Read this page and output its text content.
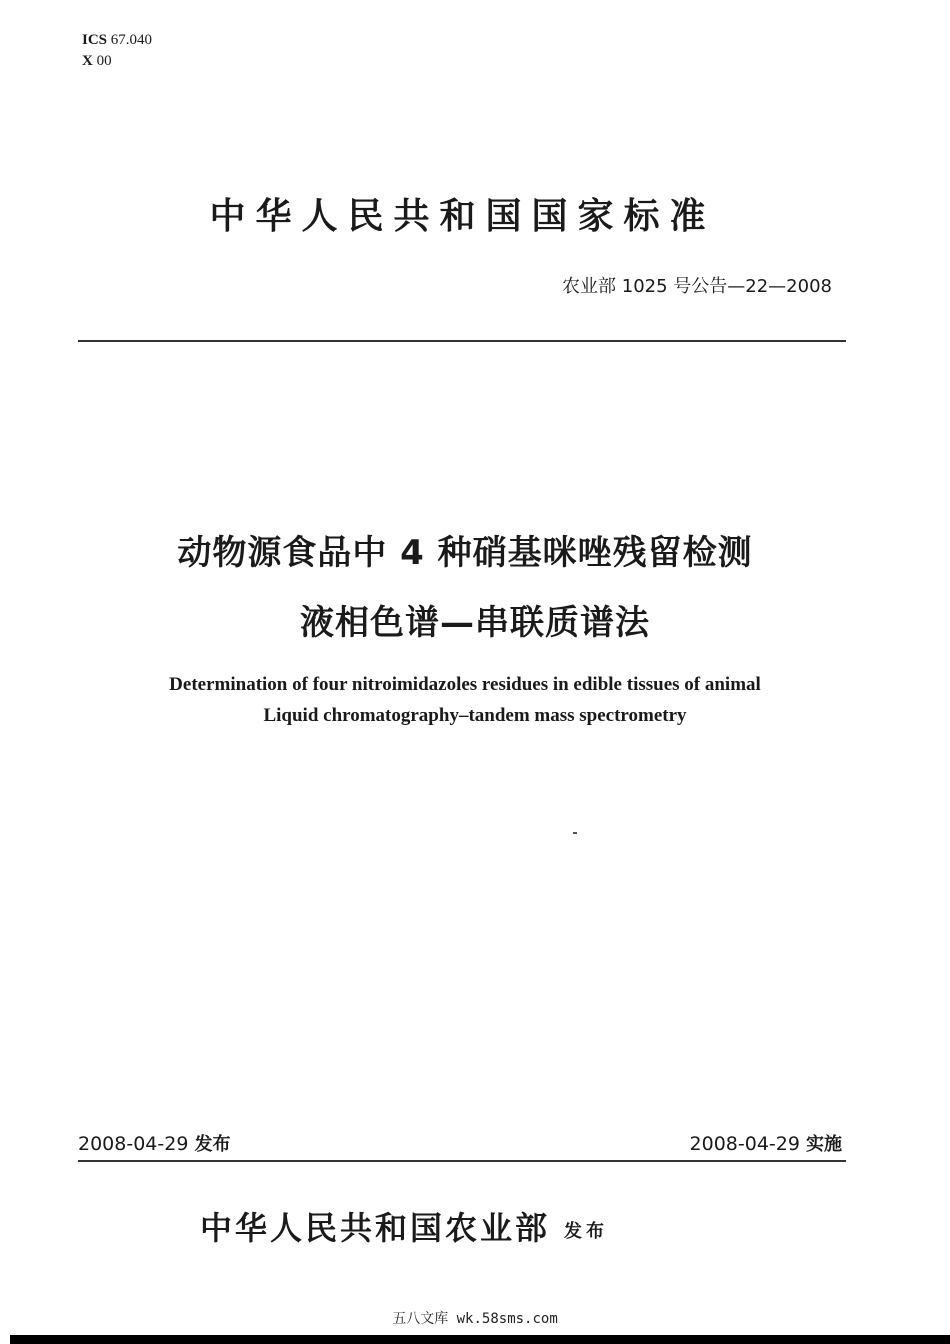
ICS 67.040
X 00
中华人民共和国国家标准
农业部 1025 号公告—22—2008
动物源食品中 4 种硝基咪唑残留检测
液相色谱—串联质谱法
Determination of four nitroimidazoles residues in edible tissues of animal
Liquid chromatography–tandem mass spectrometry
2008-04-29 发布	2008-04-29 实施
中华人民共和国农业部 发布
五八文库 wk.58sms.com
